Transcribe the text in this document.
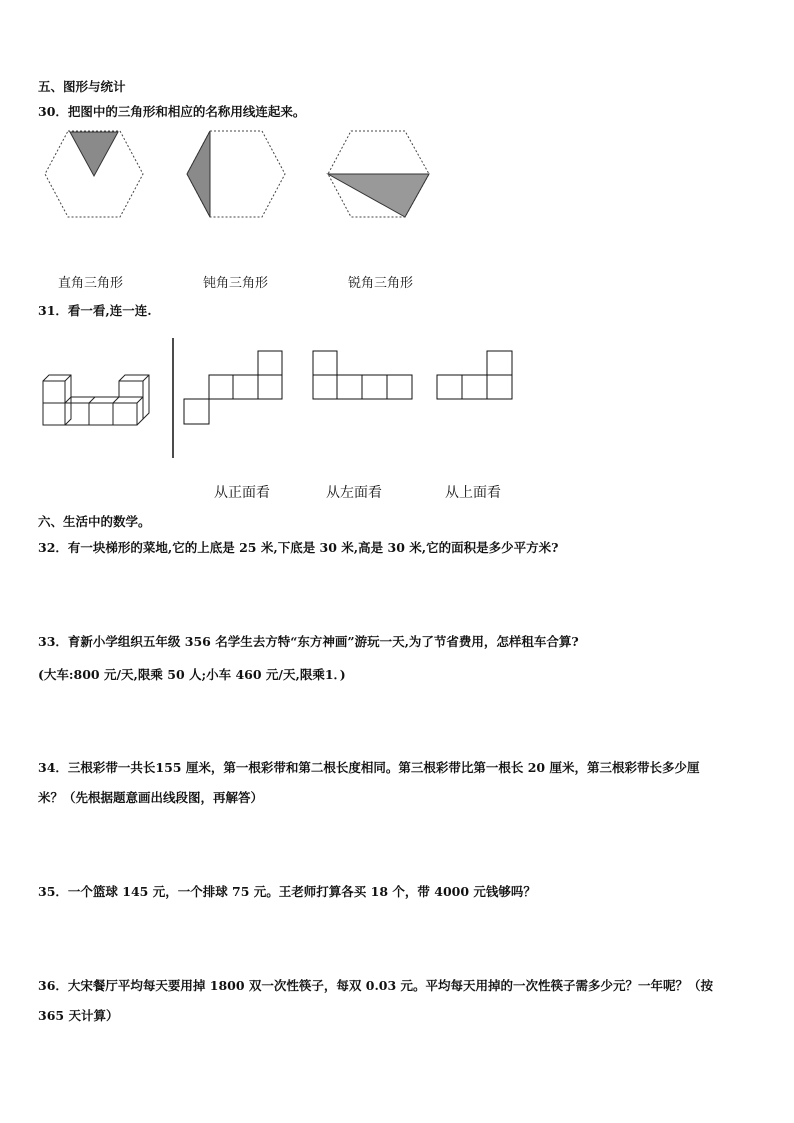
五、图形与统计
30．把图中的三角形和相应的名称用线连起来。
直角三角形	钝角三角形	锐角三角形
31．看一看,连一连.
从正面看	从左面看	从上面看
六、生活中的数学。
32．有一块梯形的菜地,它的上底是 25 米,下底是 30 米,高是 30 米,它的面积是多少平方米?
33．育新小学组织五年级 356 名学生去方特“东方神画”游玩一天,为了节省费用，怎样租车合算?
(大车:800 元/天,限乘 50 人;小车 460 元/天,限乘1．)
34．三根彩带一共长155 厘米，第一根彩带和第二根长度相同。第三根彩带比第一根长 20 厘米，第三根彩带长多少厘
米？（先根据题意画出线段图，再解答）
35．一个篮球 145 元，一个排球 75 元。王老师打算各买 18 个，带 4000 元钱够吗？
36．大宋餐厅平均每天要用掉 1800 双一次性筷子，每双 0.03 元。平均每天用掉的一次性筷子需多少元？一年呢？（按
365 天计算）
